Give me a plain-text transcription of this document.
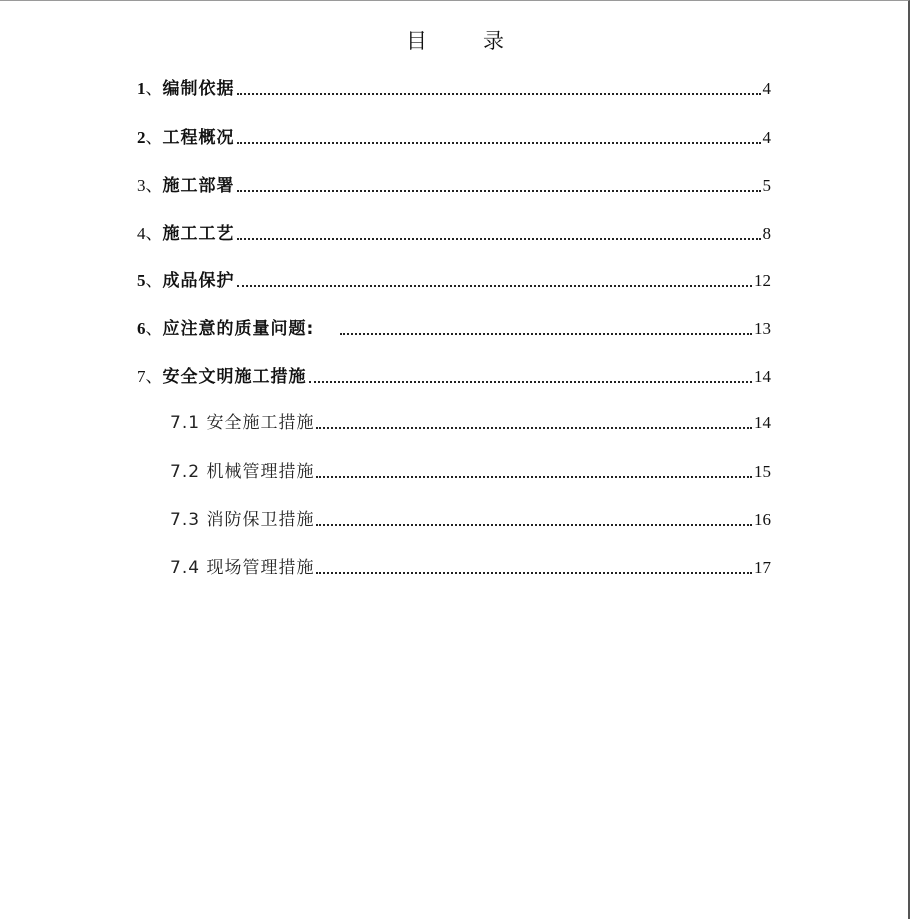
目	录
1、编制依据	4
2、工程概况	4
3、施工部署	5
4、施工工艺	8
5、成品保护	12
6、应注意的质量问题:	13
7、安全文明施工措施	14
7.1 安全施工措施	14
7.2 机械管理措施	15
7.3 消防保卫措施	16
7.4 现场管理措施	17
